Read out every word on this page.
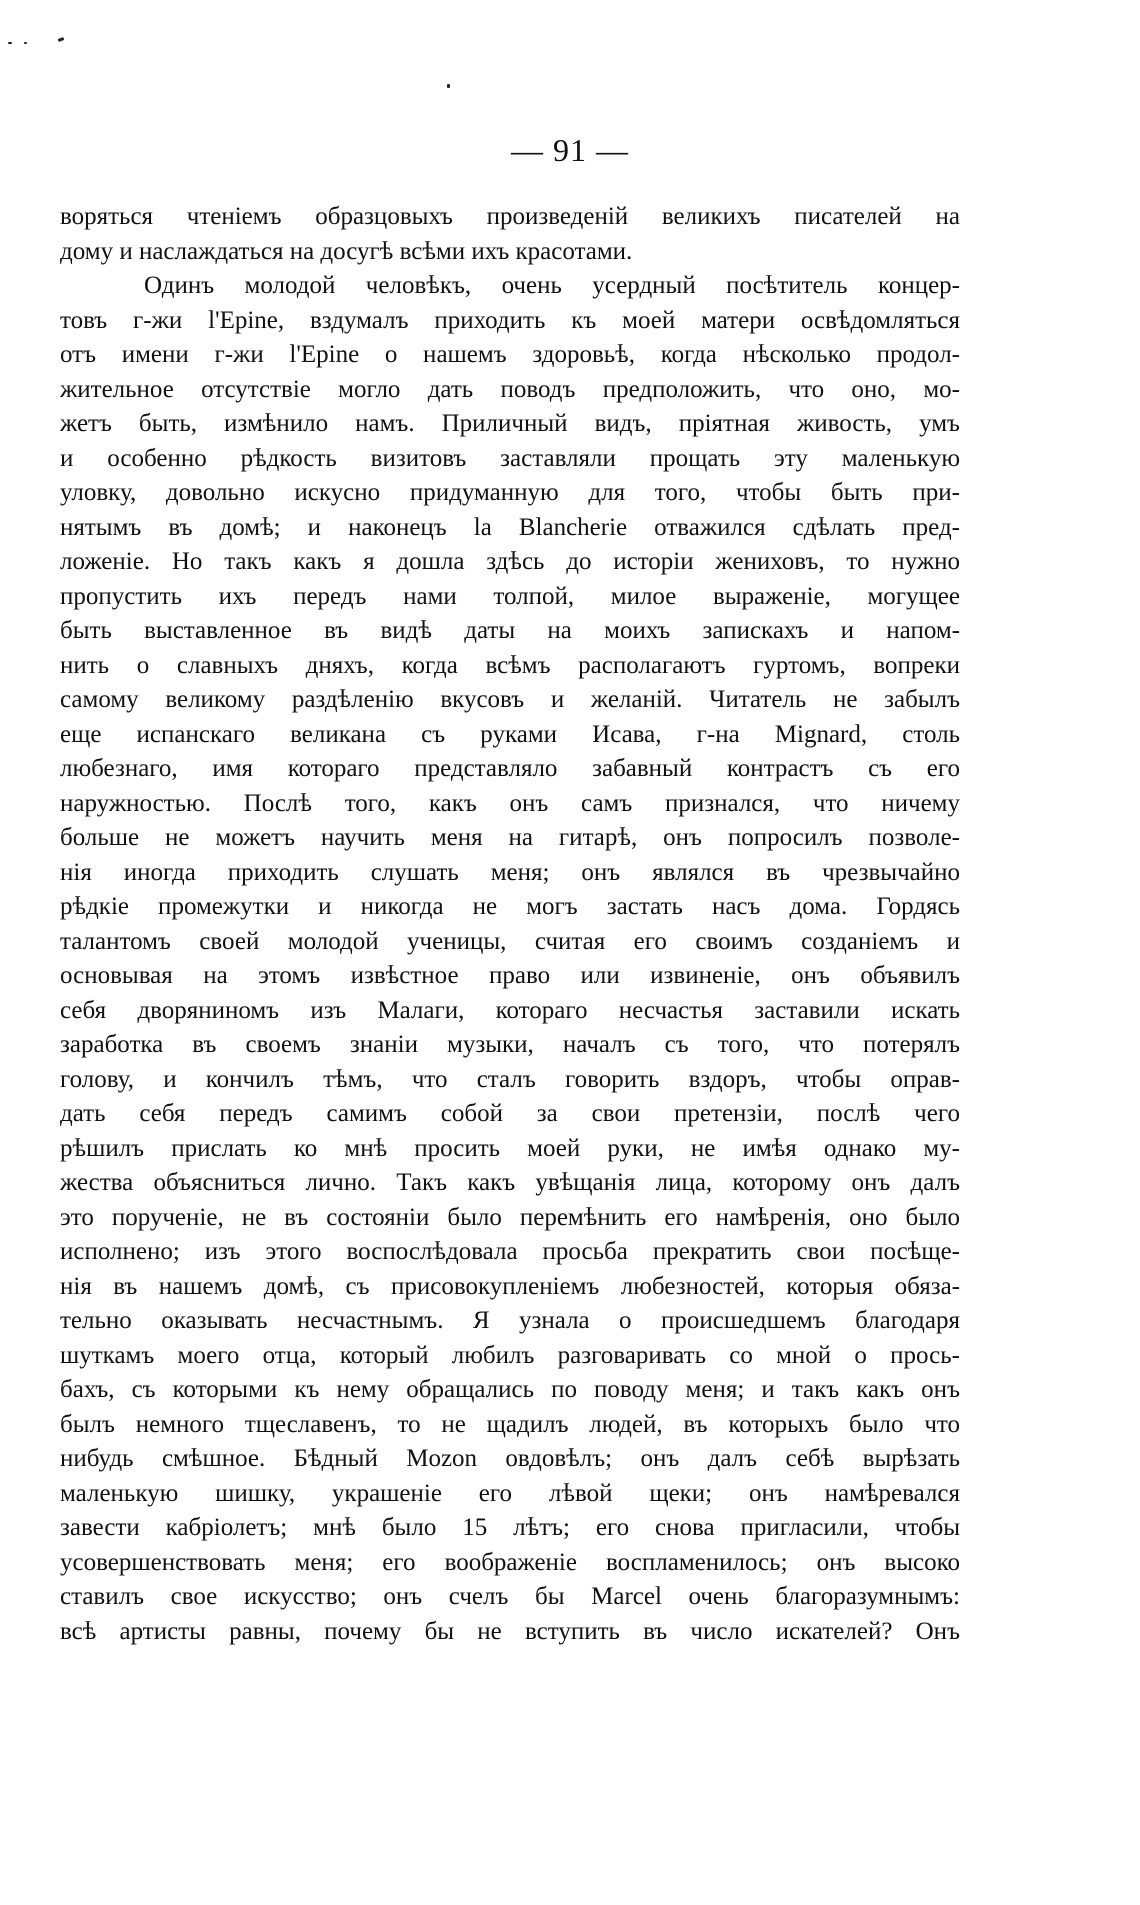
— 91 —
воряться чтеніемъ образцовыхъ произведеній великихъ писателей на
дому и наслаждаться на досугѣ всѣми ихъ красотами.
Одинъ молодой человѣкъ, очень усердный посѣтитель концер-
товъ г-жи l'Epine, вздумалъ приходить къ моей матери освѣдомляться
отъ имени г-жи l'Epine о нашемъ здоровьѣ, когда нѣсколько продол-
жительное отсутствіе могло дать поводъ предположить, что оно, мо-
жетъ быть, измѣнило намъ. Приличный видъ, пріятная живость, умъ
и особенно рѣдкость визитовъ заставляли прощать эту маленькую
уловку, довольно искусно придуманную для того, чтобы быть при-
нятымъ въ домѣ; и наконецъ la Blancherie отважился сдѣлать пред-
ложеніе. Но такъ какъ я дошла здѣсь до исторіи жениховъ, то нужно
пропустить ихъ передъ нами толпой, милое выраженіе, могущее
быть выставленное въ видѣ даты на моихъ запискахъ и напом-
нить о славныхъ дняхъ, когда всѣмъ располагаютъ гуртомъ, вопреки
самому великому раздѣленію вкусовъ и желаній. Читатель не забылъ
еще испанскаго великана съ руками Исава, г-на Mignard, столь
любезнаго, имя котораго представляло забавный контрастъ съ его
наружностью. Послѣ того, какъ онъ самъ признался, что ничему
больше не можетъ научить меня на гитарѣ, онъ попросилъ позволе-
нія иногда приходить слушать меня; онъ являлся въ чрезвычайно
рѣдкіе промежутки и никогда не могъ застать насъ дома. Гордясь
талантомъ своей молодой ученицы, считая его своимъ созданіемъ и
основывая на этомъ извѣстное право или извиненіе, онъ объявилъ
себя дворяниномъ изъ Малаги, котораго несчастья заставили искать
заработка въ своемъ знаніи музыки, началъ съ того, что потерялъ
голову, и кончилъ тѣмъ, что сталъ говорить вздоръ, чтобы оправ-
дать себя передъ самимъ собой за свои претензіи, послѣ чего
рѣшилъ прислать ко мнѣ просить моей руки, не имѣя однако му-
жества объясниться лично. Такъ какъ увѣщанія лица, которому онъ далъ
это порученіе, не въ состояніи было перемѣнить его намѣренія, оно было
исполнено; изъ этого воспослѣдовала просьба прекратить свои посѣще-
нія въ нашемъ домѣ, съ присовокупленіемъ любезностей, которыя обяза-
тельно оказывать несчастнымъ. Я узнала о происшедшемъ благодаря
шуткамъ моего отца, который любилъ разговаривать со мной о прось-
бахъ, съ которыми къ нему обращались по поводу меня; и такъ какъ онъ
былъ немного тщеславенъ, то не щадилъ людей, въ которыхъ было что
нибудь смѣшное. Бѣдный Mozon овдовѣлъ; онъ далъ себѣ вырѣзать
маленькую шишку, украшеніе его лѣвой щеки; онъ намѣревался
завести кабріолетъ; мнѣ было 15 лѣтъ; его снова пригласили, чтобы
усовершенствовать меня; его воображеніе воспламенилось; онъ высоко
ставилъ свое искусство; онъ счелъ бы Marcel очень благоразумнымъ:
всѣ артисты равны, почему бы не вступить въ число искателей? Онъ
